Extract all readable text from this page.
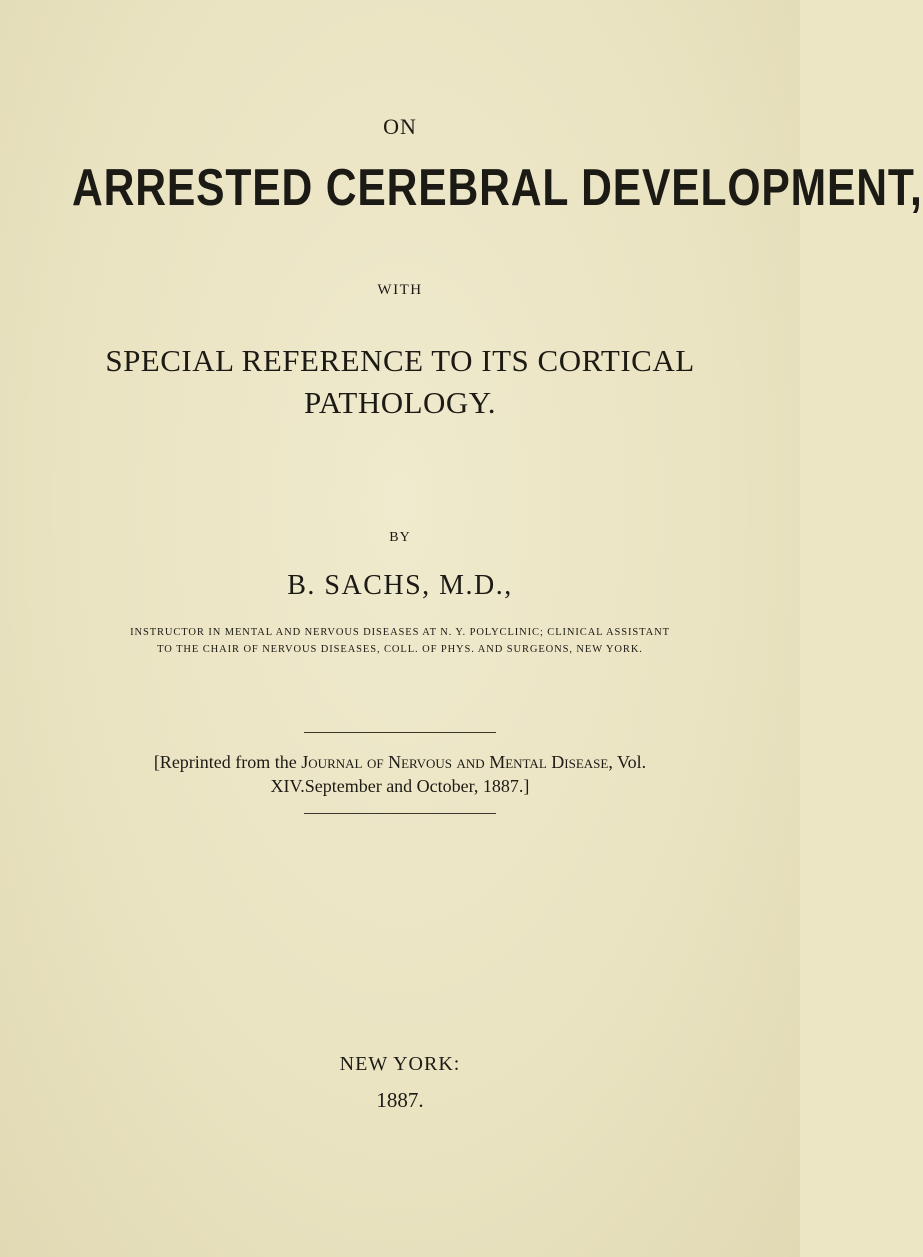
ON
ARRESTED CEREBRAL DEVELOPMENT,
WITH
SPECIAL REFERENCE TO ITS CORTICAL
PATHOLOGY.
BY
B. SACHS, M.D.,
INSTRUCTOR IN MENTAL AND NERVOUS DISEASES AT N. Y. POLYCLINIC; CLINICAL ASSISTANT
TO THE CHAIR OF NERVOUS DISEASES, COLL. OF PHYS. AND SURGEONS, NEW YORK.
[Reprinted from the Journal of Nervous and Mental Disease, Vol.
XIV.September and October, 1887.]
NEW YORK:
1887.
